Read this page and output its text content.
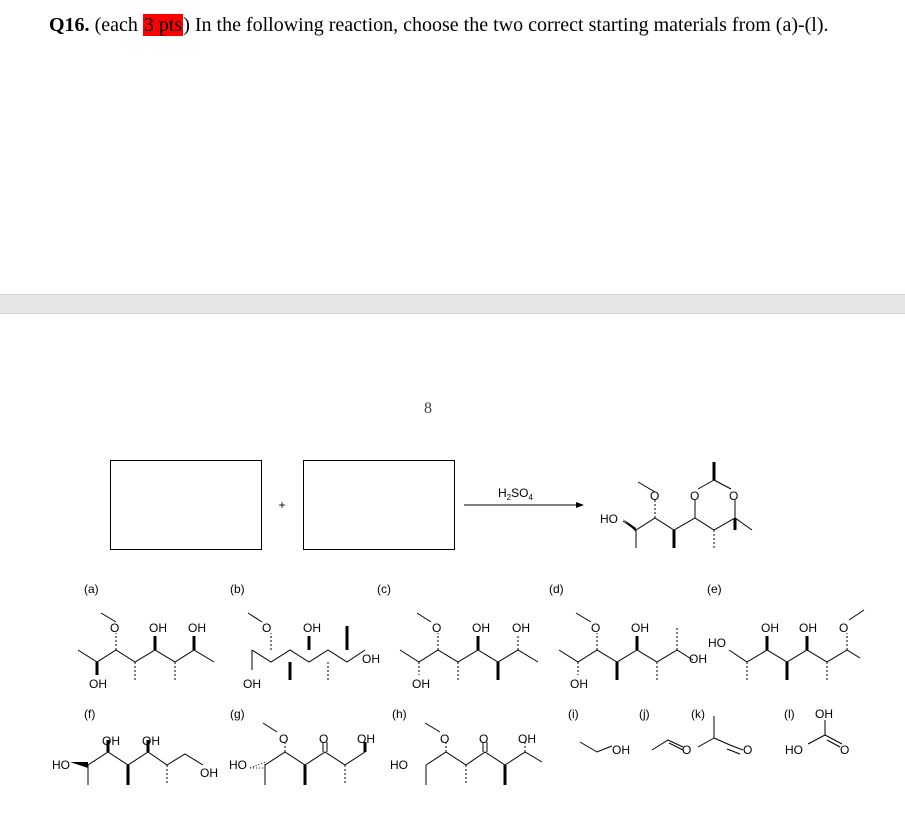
Q16. (each 3 pts) In the following reaction, choose the two correct starting materials from (a)-(l).
8
+
$H_2SO_4$
HO
O	O O
(a)	(b)	(c)	(d)	(e)
O OH OH
OH
O	OH
OH
OH
O	OH OH
OH
O	OH
OH
OH
HO
OH OH O
(f)	(g)	(h)	(i)	(j)	(k)	(l)
HO
OH OH
OH
HO
O	O OH
HO
O O OH
OH	O	O
OH
HO	O
